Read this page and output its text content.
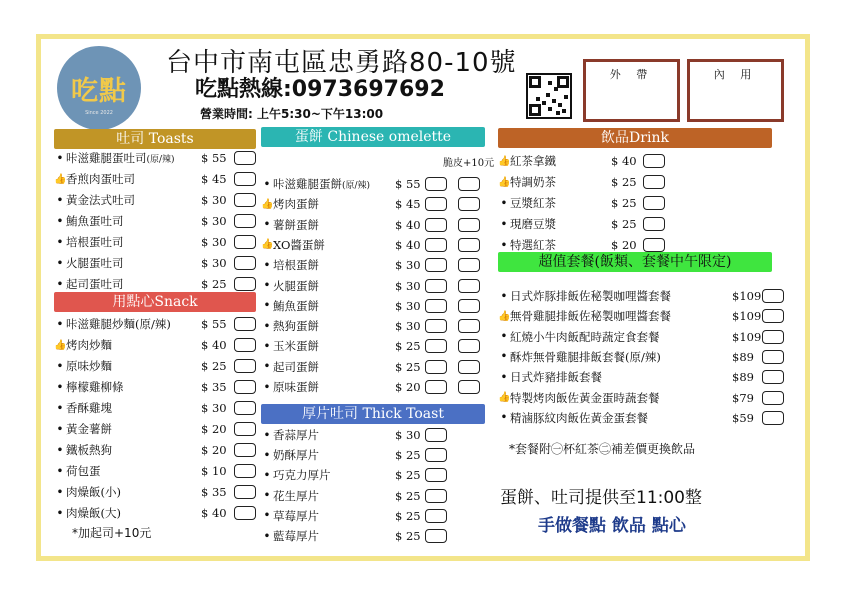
吃點
Since 2022
台中市南屯區忠勇路80-10號
吃點熱線:0973697692
營業時間: 上午5:30~下午13:00
外 帶	內 用
吐司 Toasts
用點心Snack
蛋餅 Chinese omelette
厚片吐司 Thick Toast
飲品Drink
超值套餐(飯類、套餐中午限定)
• 咔滋雞腿蛋吐司 (原/辣) $ 55
👍 香煎肉蛋吐司	$ 45
• 黃金法式吐司	$ 30
• 鮪魚蛋吐司	$ 30
• 培根蛋吐司	$ 30
• 火腿蛋吐司	$ 30
• 起司蛋吐司	$ 25
• 咔滋雞腿炒麵(原/辣)	$ 55
👍 烤肉炒麵	$ 40
• 原味炒麵	$ 25
• 檸檬雞柳條	$ 35
• 香酥雞塊	$ 30
• 黃金薯餅	$ 20
• 鐵板熱狗	$ 20
• 荷包蛋	$ 10
• 肉燥飯(小)	$ 35
• 肉燥飯(大)	$ 40
• 咔滋雞腿蛋餅 (原/辣) $ 55
👍 烤肉蛋餅	$ 45
• 薯餅蛋餅	$ 40
👍 XO醬蛋餅	$ 40
• 培根蛋餅	$ 30
• 火腿蛋餅	$ 30
• 鮪魚蛋餅	$ 30
• 熱狗蛋餅	$ 30
• 玉米蛋餅	$ 25
• 起司蛋餅	$ 25
• 原味蛋餅	$ 20
• 香蒜厚片	$ 30
• 奶酥厚片	$ 25
• 巧克力厚片	$ 25
• 花生厚片	$ 25
• 草莓厚片	$ 25
• 藍莓厚片	$ 25
👍 紅茶拿鐵	$ 40
👍 特調奶茶	$ 25
• 豆漿紅茶	$ 25
• 現磨豆漿	$ 25
• 特選紅茶	$ 20
• 日式炸豚排飯佐秘製咖哩醬套餐	$109
👍 無骨雞腿排飯佐秘製咖哩醬套餐	$109
• 紅燒小牛肉飯配時蔬定食套餐	$109
• 酥炸無骨雞腿排飯套餐(原/辣)	$89
• 日式炸豬排飯套餐	$89
👍 特製烤肉飯佐黃金蛋時蔬套餐	$79
• 精滷豚紋肉飯佐黃金蛋套餐	$59
*加起司+10元
脆皮+10元
*套餐附㊀杯紅茶㊁補差價更換飲品
蛋餅、吐司提供至11:00整
手做餐點 飲品 點心
